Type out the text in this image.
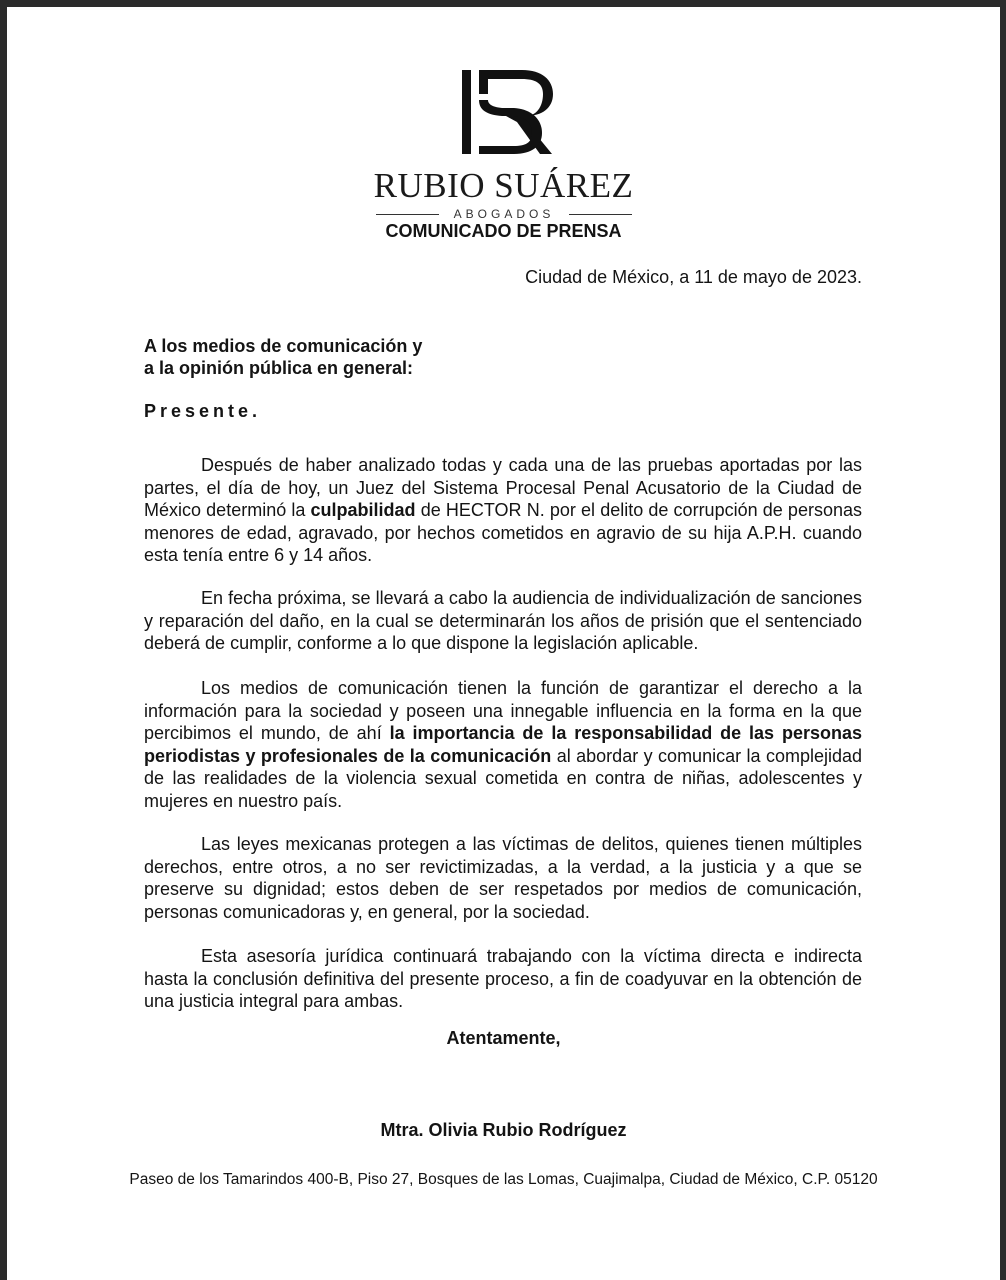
RUBIO SUÁREZ
ABOGADOS
COMUNICADO DE PRENSA
Ciudad de México, a 11 de mayo de 2023.
A los medios de comunicación y
a la opinión pública en general:
Presente.

Después de haber analizado todas y cada una de las pruebas aportadas por las partes, el día de hoy, un Juez del Sistema Procesal Penal Acusatorio de la Ciudad de México determinó la culpabilidad de HECTOR N. por el delito de corrupción de personas menores de edad, agravado, por hechos cometidos en agravio de su hija A.P.H. cuando esta tenía entre 6 y 14 años.

En fecha próxima, se llevará a cabo la audiencia de individualización de sanciones y reparación del daño, en la cual se determinarán los años de prisión que el sentenciado deberá de cumplir, conforme a lo que dispone la legislación aplicable.

Los medios de comunicación tienen la función de garantizar el derecho a la información para la sociedad y poseen una innegable influencia en la forma en la que percibimos el mundo, de ahí la importancia de la responsabilidad de las personas periodistas y profesionales de la comunicación al abordar y comunicar la complejidad de las realidades de la violencia sexual cometida en contra de niñas, adolescentes y mujeres en nuestro país.

Las leyes mexicanas protegen a las víctimas de delitos, quienes tienen múltiples derechos, entre otros, a no ser revictimizadas, a la verdad, a la justicia y a que se preserve su dignidad; estos deben de ser respetados por medios de comunicación, personas comunicadoras y, en general, por la sociedad.

Esta asesoría jurídica continuará trabajando con la víctima directa e indirecta hasta la conclusión definitiva del presente proceso, a fin de coadyuvar en la obtención de una justicia integral para ambas.

Atentamente,
Mtra. Olivia Rubio Rodríguez
Paseo de los Tamarindos 400-B, Piso 27, Bosques de las Lomas, Cuajimalpa, Ciudad de México, C.P. 05120
